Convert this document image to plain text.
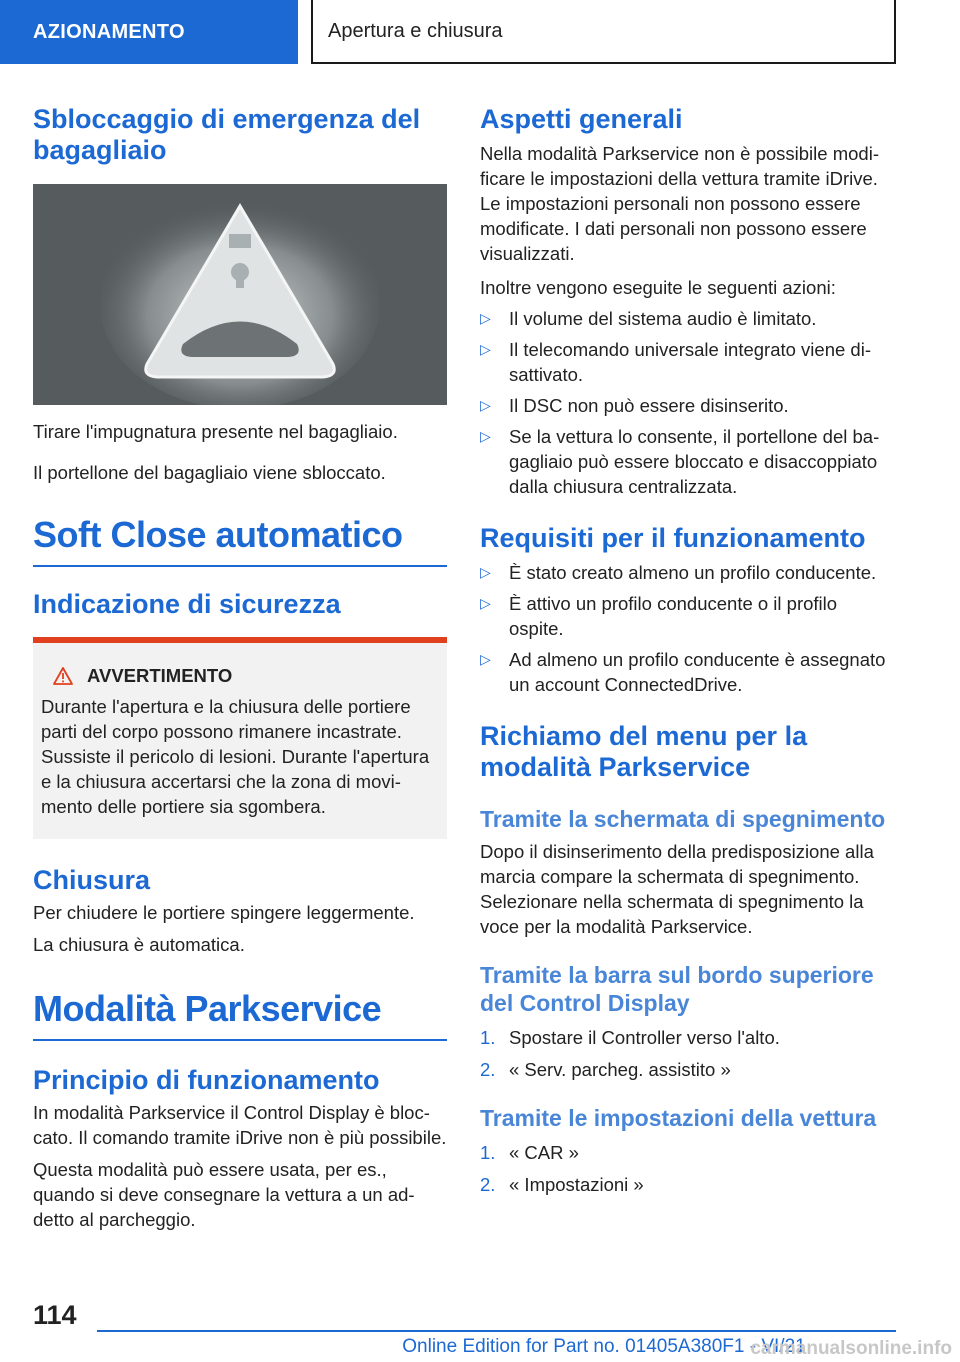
AZIONAMENTO	Apertura e chiusura
Sbloccaggio di emergenza del bagagliaio

Tirare l'impugnatura presente nel bagagliaio.

Il portellone del bagagliaio viene sbloccato.

Soft Close automatico
Indicazione di sicurezza
AVVERTIMENTO

Durante l'apertura e la chiusura delle portiere parti del corpo possono rimanere incastrate. Sussiste il pericolo di lesioni. Durante l'apertura e la chiusura accertarsi che la zona di movimento delle portiere sia sgombera.

Chiusura

Per chiudere le portiere spingere leggermente.

La chiusura è automatica.

Modalità Parkservice
Principio di funzionamento

In modalità Parkservice il Control Display è bloccato. Il comando tramite iDrive non è più possibile.

Questa modalità può essere usata, per es., quando si deve consegnare la vettura a un addetto al parcheggio.

Aspetti generali

Nella modalità Parkservice non è possibile modificare le impostazioni della vettura tramite iDrive. Le impostazioni personali non possono essere modificate. I dati personali non possono essere visualizzati.

Inoltre vengono eseguite le seguenti azioni:

▷ Il volume del sistema audio è limitato.
▷ Il telecomando universale integrato viene disattivato.
▷ Il DSC non può essere disinserito.
▷ Se la vettura lo consente, il portellone del bagagliaio può essere bloccato e disaccoppiato dalla chiusura centralizzata.
Requisiti per il funzionamento
▷ È stato creato almeno un profilo conducente.
▷ È attivo un profilo conducente o il profilo ospite.
▷ Ad almeno un profilo conducente è assegnato un account ConnectedDrive.
Richiamo del menu per la modalità Parkservice
Tramite la schermata di spegnimento

Dopo il disinserimento della predisposizione alla marcia compare la schermata di spegnimento. Selezionare nella schermata di spegnimento la voce per la modalità Parkservice.

Tramite la barra sul bordo superiore del Control Display
1. Spostare il Controller verso l'alto.
2. « Serv. parcheg. assistito »
Tramite le impostazioni della vettura
1. « CAR »
2. « Impostazioni »
114
Online Edition for Part no. 01405A380F1 - VI/21
carmanualsonline.info
